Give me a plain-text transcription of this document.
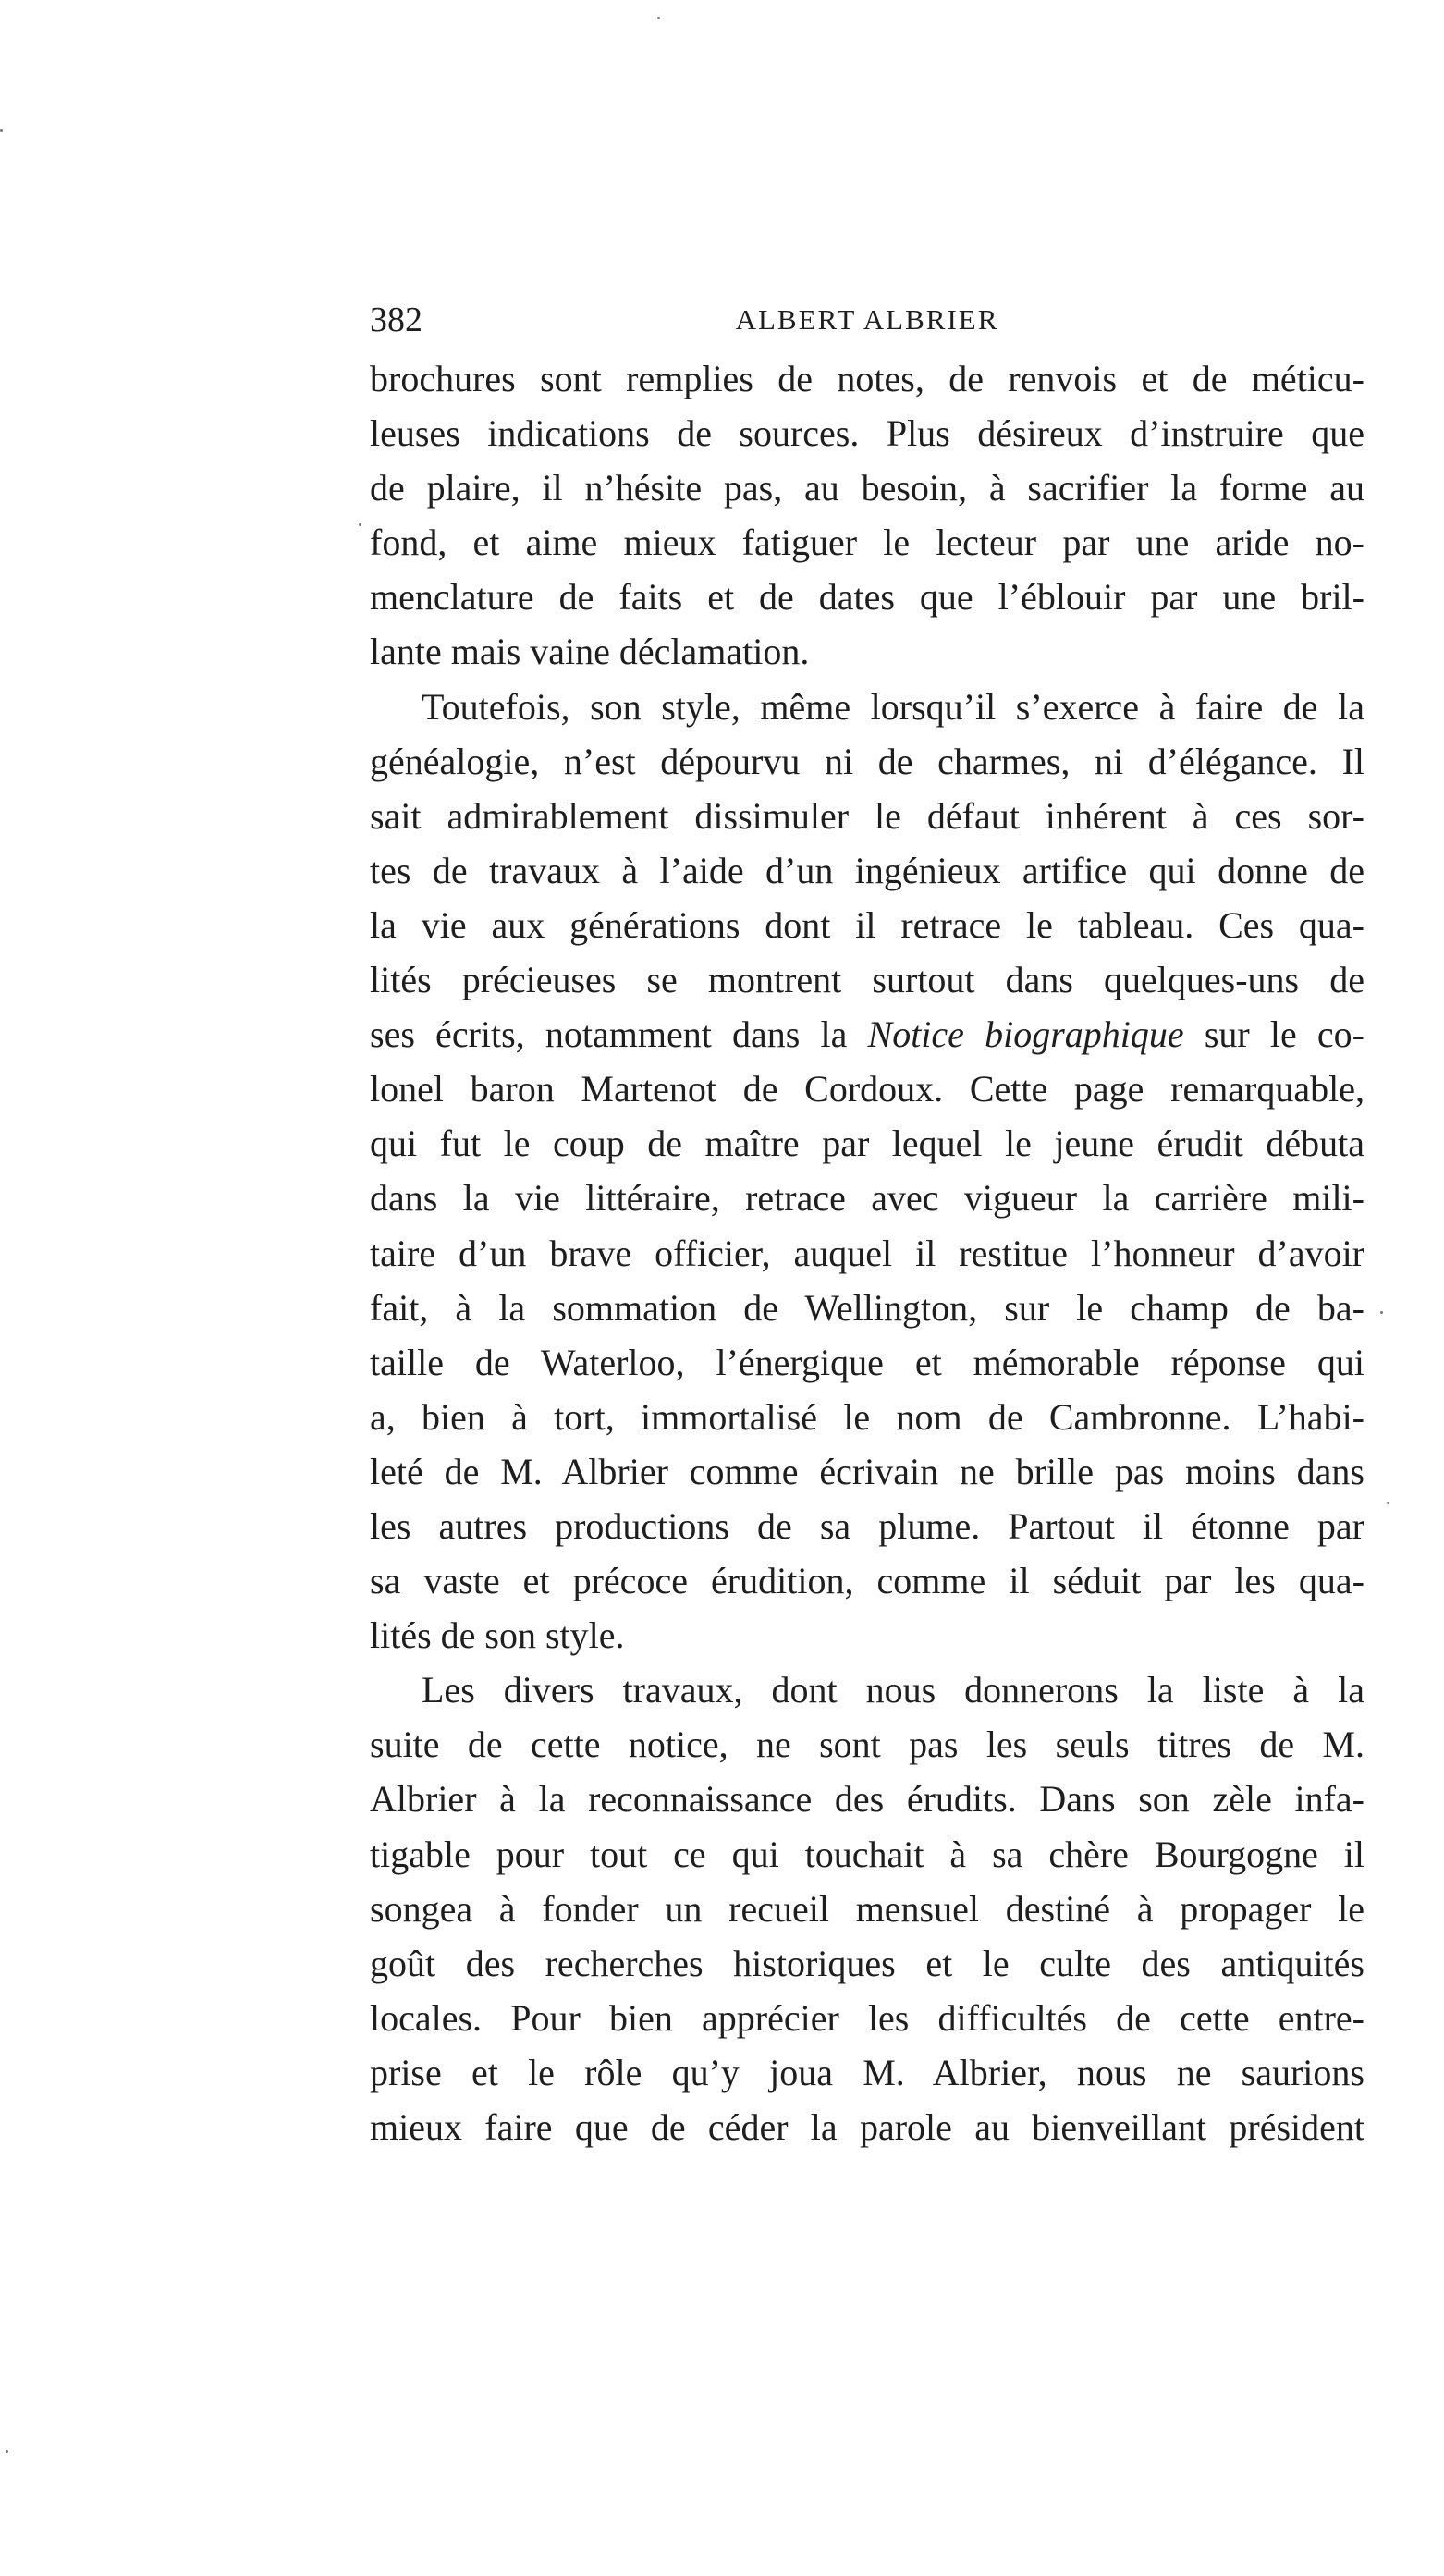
382	ALBERT ALBRIER
brochures sont remplies de notes, de renvois et de méticu-
leuses indications de sources. Plus désireux d’instruire que
de plaire, il n’hésite pas, au besoin, à sacrifier la forme au
fond, et aime mieux fatiguer le lecteur par une aride no-
menclature de faits et de dates que l’éblouir par une bril-
lante mais vaine déclamation.
Toutefois, son style, même lorsqu’il s’exerce à faire de la
généalogie, n’est dépourvu ni de charmes, ni d’élégance. Il
sait admirablement dissimuler le défaut inhérent à ces sor-
tes de travaux à l’aide d’un ingénieux artifice qui donne de
la vie aux générations dont il retrace le tableau. Ces qua-
lités précieuses se montrent surtout dans quelques-uns de
ses écrits, notamment dans la Notice biographique sur le co-
lonel baron Martenot de Cordoux. Cette page remarquable,
qui fut le coup de maître par lequel le jeune érudit débuta
dans la vie littéraire, retrace avec vigueur la carrière mili-
taire d’un brave officier, auquel il restitue l’honneur d’avoir
fait, à la sommation de Wellington, sur le champ de ba-
taille de Waterloo, l’énergique et mémorable réponse qui
a, bien à tort, immortalisé le nom de Cambronne. L’habi-
leté de M. Albrier comme écrivain ne brille pas moins dans
les autres productions de sa plume. Partout il étonne par
sa vaste et précoce érudition, comme il séduit par les qua-
lités de son style.
Les divers travaux, dont nous donnerons la liste à la
suite de cette notice, ne sont pas les seuls titres de M.
Albrier à la reconnaissance des érudits. Dans son zèle infa-
tigable pour tout ce qui touchait à sa chère Bourgogne il
songea à fonder un recueil mensuel destiné à propager le
goût des recherches historiques et le culte des antiquités
locales. Pour bien apprécier les difficultés de cette entre-
prise et le rôle qu’y joua M. Albrier, nous ne saurions
mieux faire que de céder la parole au bienveillant président
